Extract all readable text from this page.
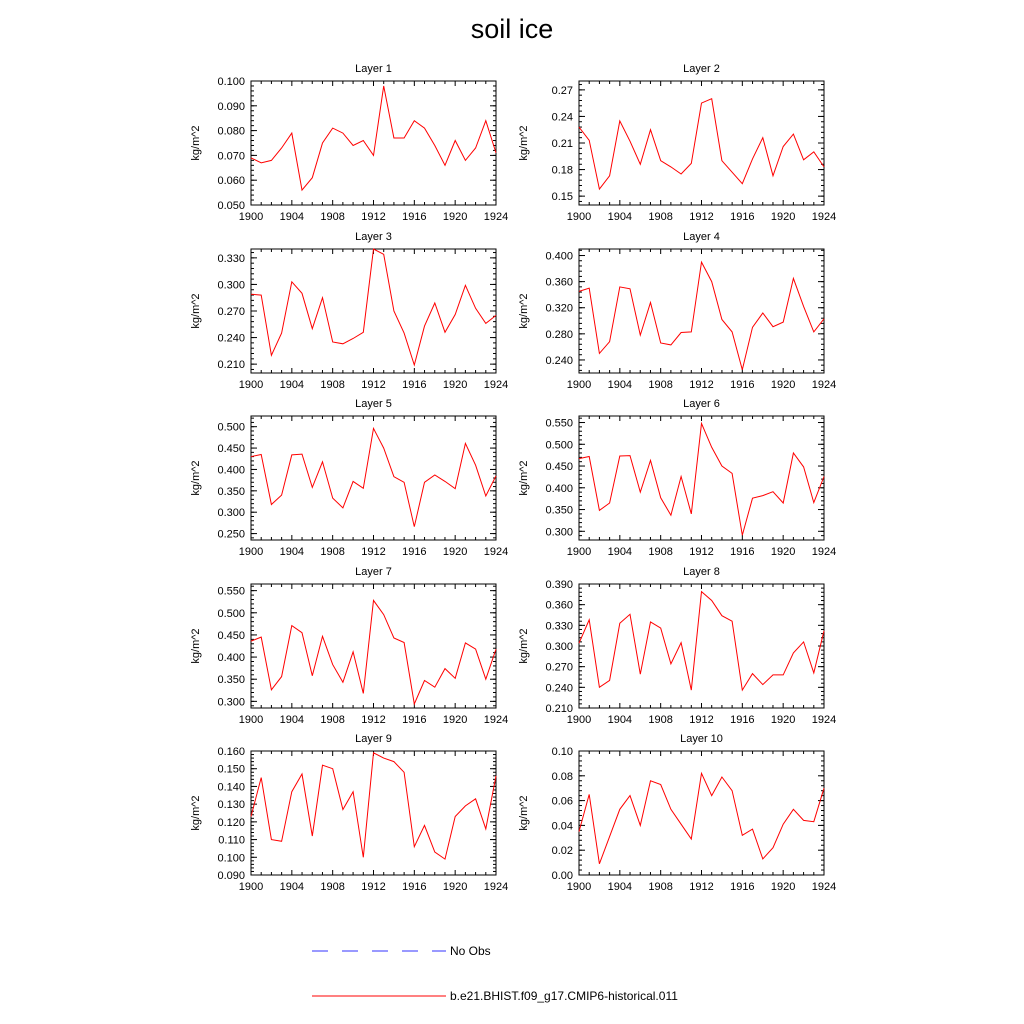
soil ice
Layer 1
1900 1904 1908 1912 1916 1920 1924
0.050
0.060
0.070
0.080
0.090
0.100
kg/m^2
Layer 2
1900 1904 1908 1912 1916 1920 1924
0.15
0.18
0.21
0.24
0.27
kg/m^2
Layer 3
1900 1904 1908 1912 1916 1920 1924
0.210
0.240
0.270
0.300
0.330
kg/m^2
Layer 4
1900 1904 1908 1912 1916 1920 1924
0.240
0.280
0.320
0.360
0.400
kg/m^2
Layer 5
1900 1904 1908 1912 1916 1920 1924
0.250
0.300
0.350
0.400
0.450
0.500
kg/m^2
Layer 6
1900 1904 1908 1912 1916 1920 1924
0.300
0.350
0.400
0.450
0.500
0.550
kg/m^2
Layer 7
1900 1904 1908 1912 1916 1920 1924
0.300
0.350
0.400
0.450
0.500
0.550
kg/m^2
Layer 8
1900 1904 1908 1912 1916 1920 1924
0.210
0.240
0.270
0.300
0.330
0.360
0.390
kg/m^2
Layer 9
1900 1904 1908 1912 1916 1920 1924
0.090
0.100
0.110
0.120
0.130
0.140
0.150
0.160
kg/m^2
Layer 10
1900 1904 1908 1912 1916 1920 1924
0.00
0.02
0.04
0.06
0.08
0.10
kg/m^2
No Obs
b.e21.BHIST.f09_g17.CMIP6-historical.011
